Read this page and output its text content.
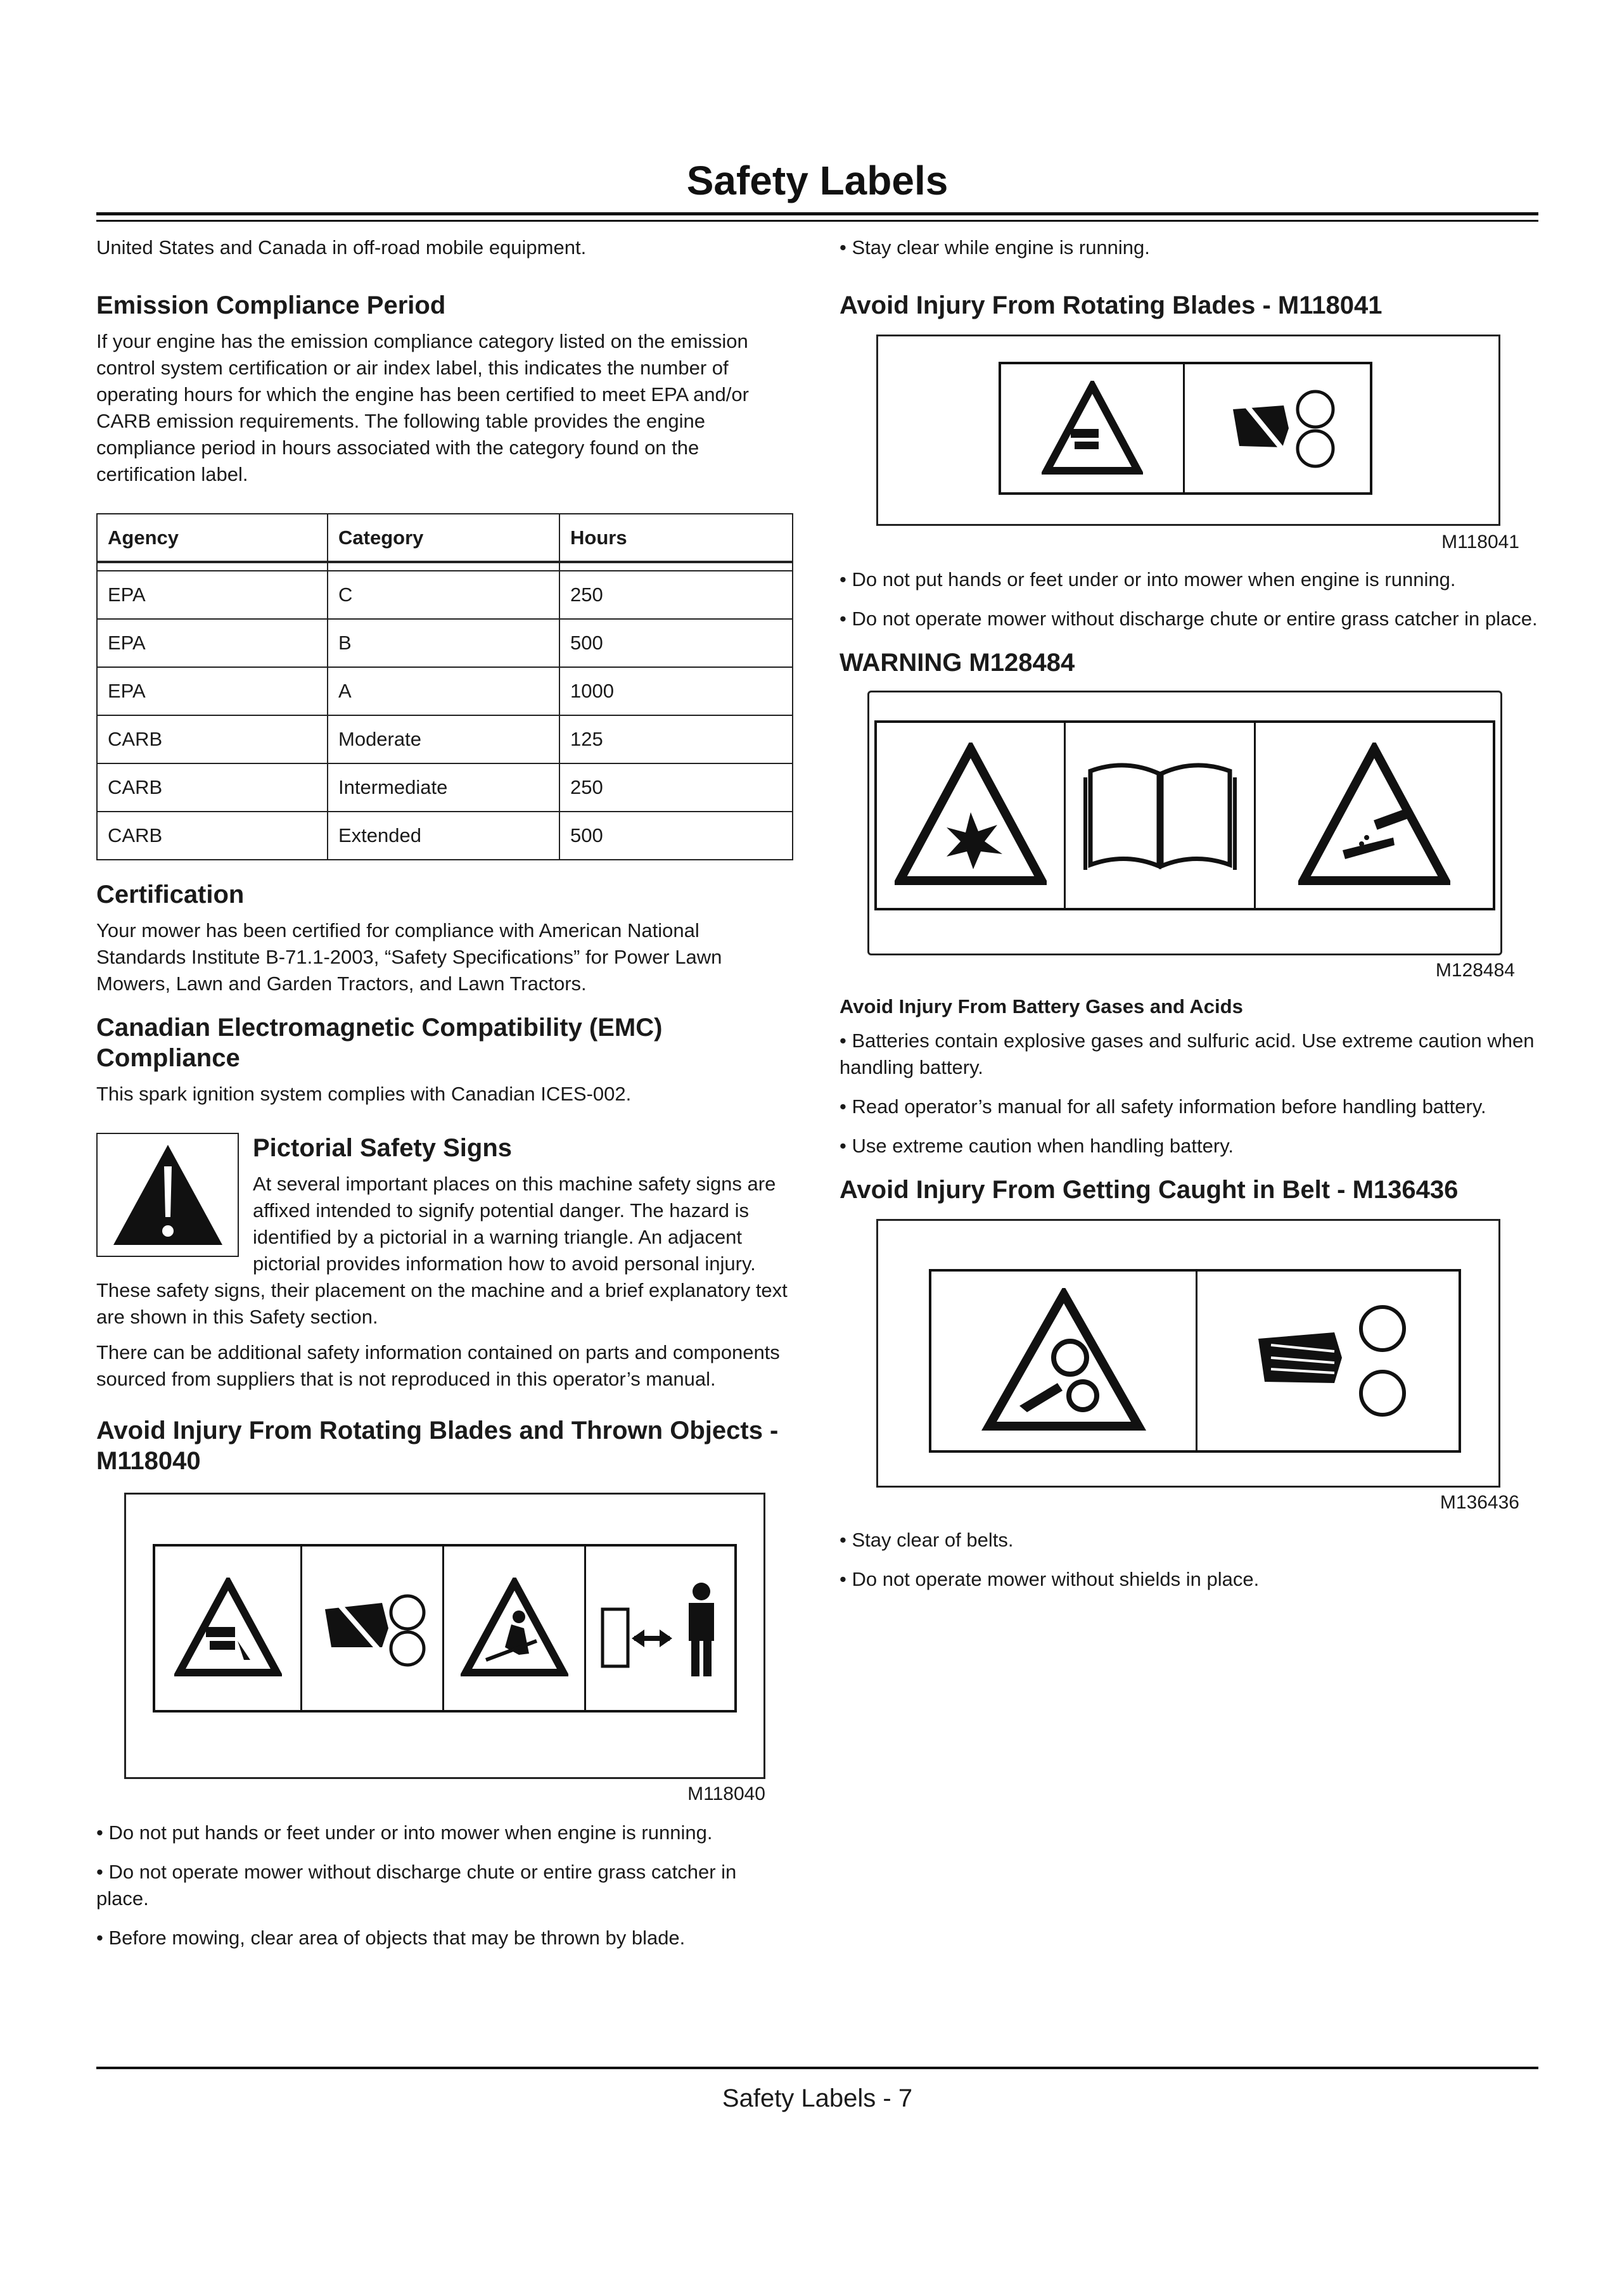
Safety Labels

United States and Canada in off-road mobile equipment.

Emission Compliance Period

If your engine has the emission compliance category listed on the emission control system certification or air index label, this indicates the number of operating hours for which the engine has been certified to meet EPA and/or CARB emission requirements. The following table provides the engine compliance period in hours associated with the category found on the certification label.

Agency	Category	Hours

EPA	C	250
EPA	B	500
EPA	A	1000
CARB	Moderate	125
CARB	Intermediate	250
CARB	Extended	500
Certification

Your mower has been certified for compliance with American National Standards Institute B-71.1-2003, “Safety Specifications” for Power Lawn Mowers, Lawn and Garden Tractors, and Lawn Tractors.

Canadian Electromagnetic Compatibility (EMC) Compliance

This spark ignition system complies with Canadian ICES-002.

Pictorial Safety Signs

At several important places on this machine safety signs are affixed intended to signify potential danger. The hazard is identified by a pictorial in a warning triangle. An adjacent pictorial provides information how to avoid personal injury. These safety signs, their placement on the machine and a brief explanatory text are shown in this Safety section.

There can be additional safety information contained on parts and components sourced from suppliers that is not reproduced in this operator’s manual.

Avoid Injury From Rotating Blades and Thrown Objects - M118040
M118040

• Do not put hands or feet under or into mower when engine is running.

• Do not operate mower without discharge chute or entire grass catcher in place.

• Before mowing, clear area of objects that may be thrown by blade.

• Stay clear while engine is running.

Avoid Injury From Rotating Blades - M118041
M118041

• Do not put hands or feet under or into mower when engine is running.

• Do not operate mower without discharge chute or entire grass catcher in place.

WARNING M128484
M128484
Avoid Injury From Battery Gases and Acids

• Batteries contain explosive gases and sulfuric acid. Use extreme caution when handling battery.

• Read operator’s manual for all safety information before handling battery.

• Use extreme caution when handling battery.

Avoid Injury From Getting Caught in Belt - M136436
M136436

• Stay clear of belts.

• Do not operate mower without shields in place.

Safety Labels - 7
